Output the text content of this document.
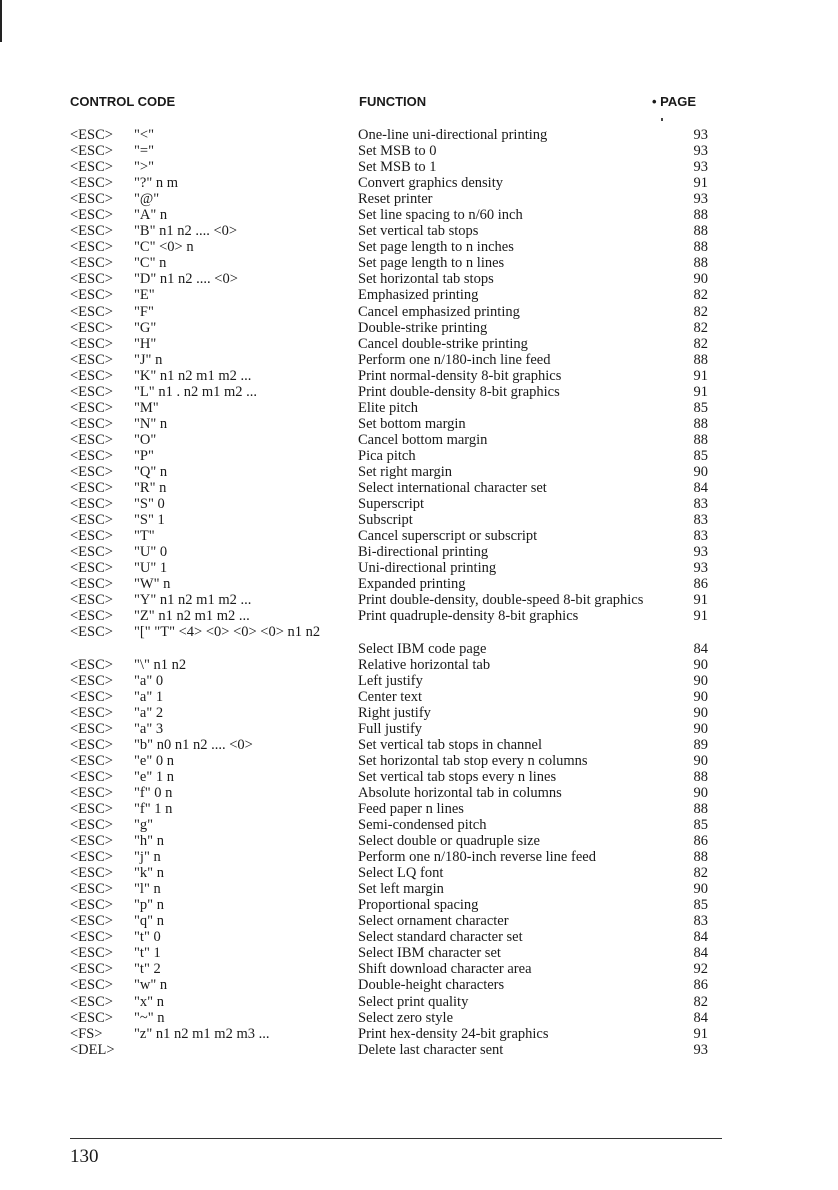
CONTROL CODE	FUNCTION	• PAGE
<ESC> "<"	One-line uni-directional printing	93
<ESC> "="	Set MSB to 0	93
<ESC> ">"	Set MSB to 1	93
<ESC> "?" n m	Convert graphics density	91
<ESC> "@"	Reset printer	93
<ESC> "A" n	Set line spacing to n/60 inch	88
<ESC> "B" n1 n2 .... <0>	Set vertical tab stops	88
<ESC> "C" <0> n	Set page length to n inches	88
<ESC> "C" n	Set page length to n lines	88
<ESC> "D" n1 n2 .... <0>	Set horizontal tab stops	90
<ESC> "E"	Emphasized printing	82
<ESC> "F"	Cancel emphasized printing	82
<ESC> "G"	Double-strike printing	82
<ESC> "H"	Cancel double-strike printing	82
<ESC> "J" n	Perform one n/180-inch line feed	88
<ESC> "K" n1 n2 m1 m2 ...	Print normal-density 8-bit graphics	91
<ESC> "L" n1 . n2 m1 m2 ...	Print double-density 8-bit graphics	91
<ESC> "M"	Elite pitch	85
<ESC> "N" n	Set bottom margin	88
<ESC> "O"	Cancel bottom margin	88
<ESC> "P"	Pica pitch	85
<ESC> "Q" n	Set right margin	90
<ESC> "R" n	Select international character set	84
<ESC> "S" 0	Superscript	83
<ESC> "S" 1	Subscript	83
<ESC> "T"	Cancel superscript or subscript	83
<ESC> "U" 0	Bi-directional printing	93
<ESC> "U" 1	Uni-directional printing	93
<ESC> "W" n	Expanded printing	86
<ESC> "Y" n1 n2 m1 m2 ...	Print double-density, double-speed 8-bit graphics	91
<ESC> "Z" n1 n2 m1 m2 ...	Print quadruple-density 8-bit graphics	91
<ESC> "[" "T" <4> <0> <0> <0> n1 n2
Select IBM code page	84
<ESC> "\" n1 n2	Relative horizontal tab	90
<ESC> "a" 0	Left justify	90
<ESC> "a" 1	Center text	90
<ESC> "a" 2	Right justify	90
<ESC> "a" 3	Full justify	90
<ESC> "b" n0 n1 n2 .... <0>	Set vertical tab stops in channel	89
<ESC> "e" 0 n	Set horizontal tab stop every n columns	90
<ESC> "e" 1 n	Set vertical tab stops every n lines	88
<ESC> "f" 0 n	Absolute horizontal tab in columns	90
<ESC> "f" 1 n	Feed paper n lines	88
<ESC> "g"	Semi-condensed pitch	85
<ESC> "h" n	Select double or quadruple size	86
<ESC> "j" n	Perform one n/180-inch reverse line feed	88
<ESC> "k" n	Select LQ font	82
<ESC> "l" n	Set left margin	90
<ESC> "p" n	Proportional spacing	85
<ESC> "q" n	Select ornament character	83
<ESC> "t" 0	Select standard character set	84
<ESC> "t" 1	Select IBM character set	84
<ESC> "t" 2	Shift download character area	92
<ESC> "w" n	Double-height characters	86
<ESC> "x" n	Select print quality	82
<ESC> "~" n	Select zero style	84
<FS> "z" n1 n2 m1 m2 m3 ...	Print hex-density 24-bit graphics	91
<DEL>	Delete last character sent	93
130
